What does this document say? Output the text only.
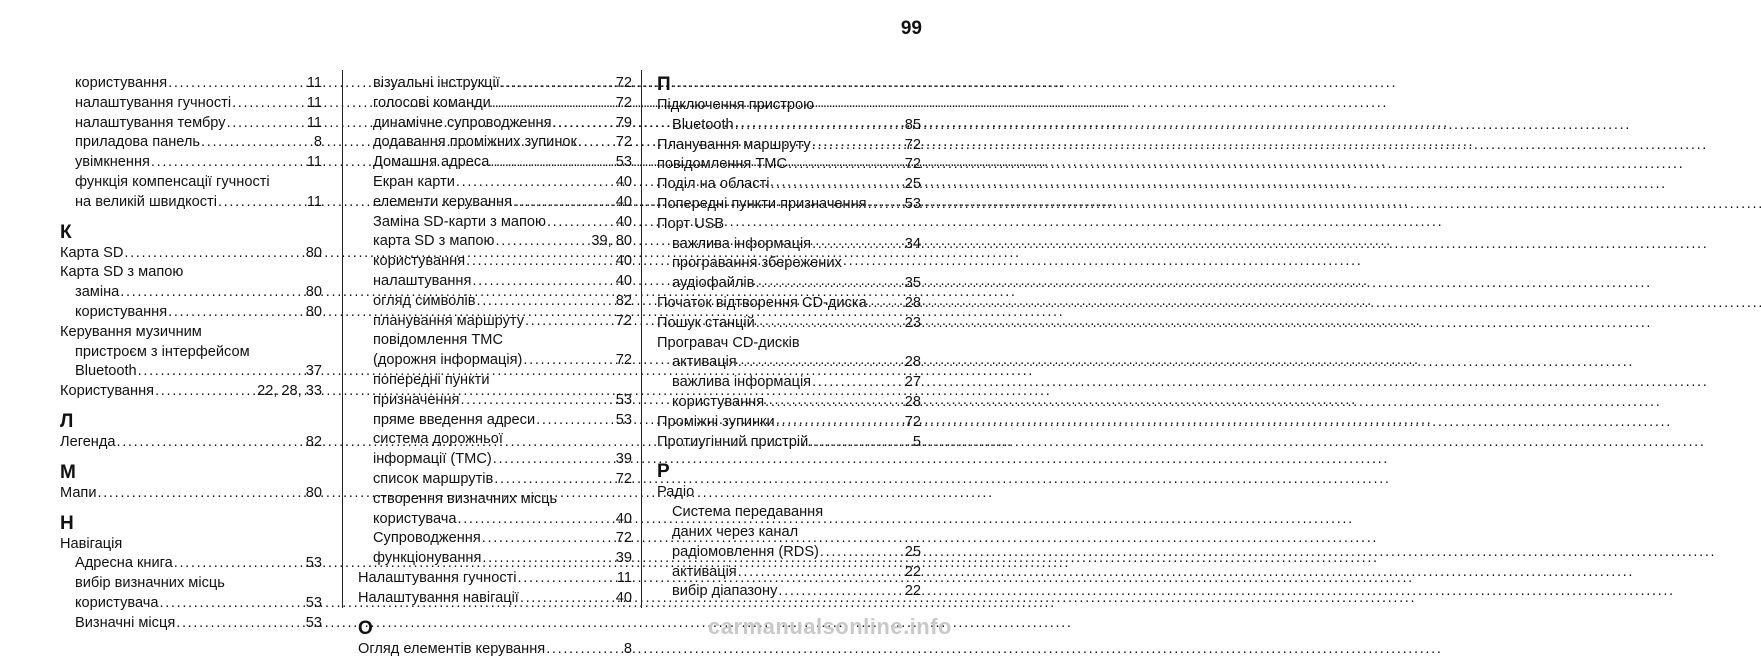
99
користування . . .	11
налаштування гучності . . .	11
налаштування тембру . . .	11
приладова панель . . .	8
увімкнення . . .	11
функція компенсації гучності
на великій швидкості . . .	11
К
Карта SD . . .	80
Карта SD з мапою
заміна . . .	80
користування . . .	80
Керування музичним
пристроєм з інтерфейсом
Bluetooth . . .	37
Користування . . .	22, 28, 33
Л
Легенда . . .	82
М
Мапи . . .	80
Н
Навігація
Адресна книга . . .	53
вибір визначних місць
користувача . . .	53
Визначні місця . . .	53
візуальні інструкції . . .	72
голосові команди . . .	72
динамічне супроводження . . .	79
додавання проміжних зупинок . . .	72
Домашня адреса . . .	53
Екран карти . . .	40
елементи керування . . .	40
Заміна SD-карти з мапою . . .	40
карта SD з мапою . . .	39, 80
користування . . .	40
налаштування . . .	40
огляд символів . . .	82
планування маршруту . . .	72
повідомлення TMC
(дорожня інформація) . . .	72
попередні пункти
призначення . . .	53
пряме введення адреси . . .	53
система дорожньої
інформації (TMC) . . .	39
список маршрутів . . .	72
створення визначних місць
користувача . . .	40
Супроводження . . .	72
функціонування . . .	39
Налаштування гучності . . .	11
Налаштування навігації . . .	40
О
Огляд елементів керування . . .	8
П
Підключення пристрою
Bluetooth . . .	85
Планування маршруту . . .	72
повідомлення TMC . . .	72
Поділ на області . . .	25
Попередні пункти призначення . . .	53
Порт USB
важлива інформація . . .	34
програвання збережених
аудіофайлів . . .	35
Початок відтворення CD-диска . . .	28
Пошук станцій . . .	23
Програвач CD-дисків
активація . . .	28
важлива інформація . . .	27
користування . . .	28
Проміжні зупинки . . .	72
Протиугінний пристрій . . .	5
Р
Радіо
Система передавання
даних через канал
радіомовлення (RDS) . . .	25
активація . . .	22
вибір діапазону . . .	22
carmanualsonline.info
